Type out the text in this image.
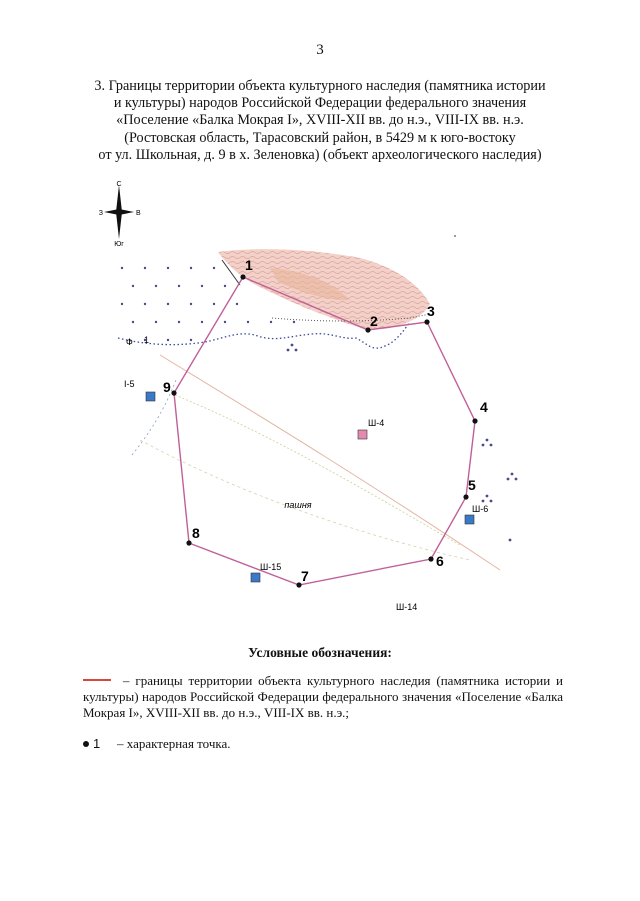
3
3. Границы территории объекта культурного наследия (памятника истории
и культуры) народов Российской Федерации федерального значения
«Поселение «Балка Мокрая I», XVIII-XII вв. до н.э., VIII-IX вв. н.э.
(Ростовская область, Тарасовский район, в 5429 м к юго-востоку
от ул. Школьная, д. 9 в х. Зеленовка) (объект археологического наследия)
С
З	В
Юг
I-5
Ш-4
Ш-6
Ш-15
Ш-14
пашня
Ф 1
1
2
3
4
5
6
7
8
9
Условные обозначения:
– границы территории объекта культурного наследия (памятника истории и культуры) народов Российской Федерации федерального значения «Поселение «Балка Мокрая I», XVIII-XII вв. до н.э., VIII-IX вв. н.э.;
1 – характерная точка.
